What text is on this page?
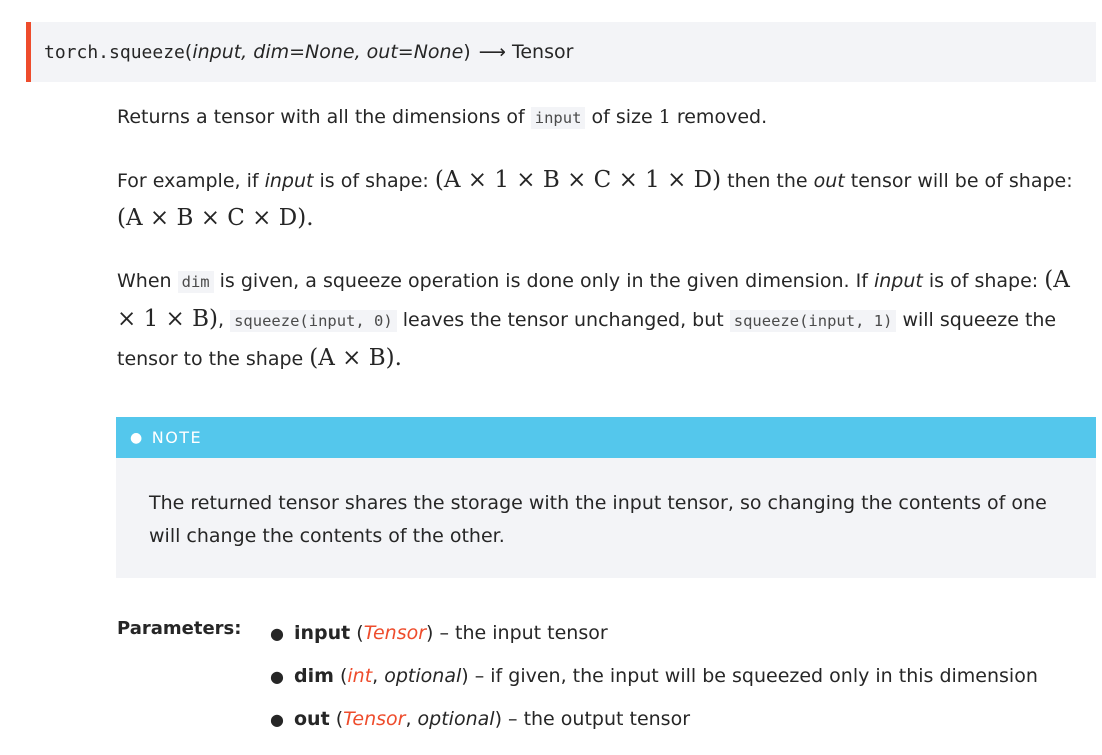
torch. squeeze ( input, dim=None, out=None ) ⟶ Tensor
Returns a tensor with all the dimensions of input of size 1 removed.
For example, if input is of shape: (A × 1 × B × C × 1 × D) then the out tensor will be of shape: (A × B × C × D).
When dim is given, a squeeze operation is done only in the given dimension. If input is of shape: (A × 1 × B), squeeze(input, 0) leaves the tensor unchanged, but squeeze(input, 1) will squeeze the tensor to the shape (A × B).
● NOTE
The returned tensor shares the storage with the input tensor, so changing the contents of one will change the contents of the other.
Parameters: ● input ( Tensor ) – the input tensor
● dim ( int , optional ) – if given, the input will be squeezed only in this dimension
● out ( Tensor , optional ) – the output tensor
